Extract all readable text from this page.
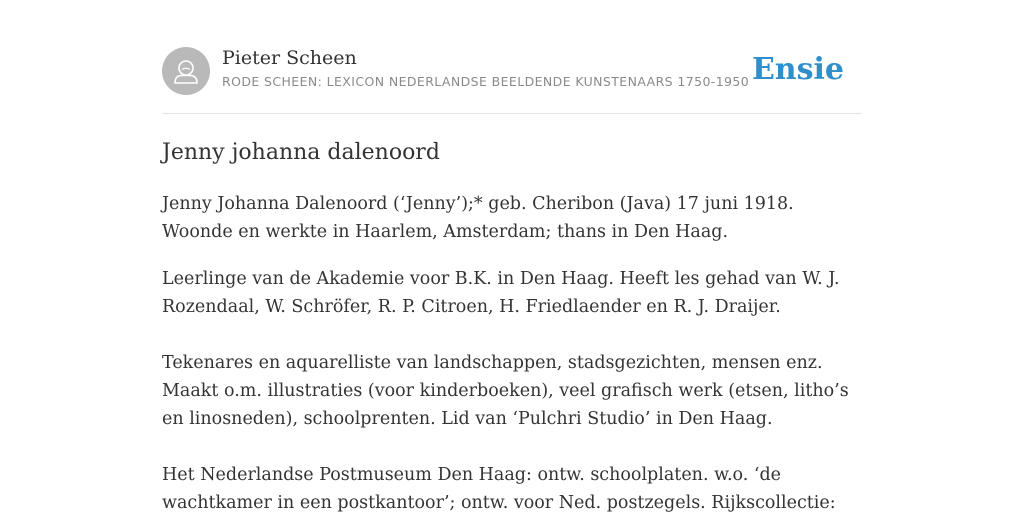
Pieter Scheen
RODE SCHEEN: LEXICON NEDERLANDSE BEELDENDE KUNSTENAARS 1750-1950 Ensie
Jenny johanna dalenoord

Jenny Johanna Dalenoord (‘Jenny’);* geb. Cheribon (Java) 17 juni 1918. Woonde en werkte in Haarlem, Amsterdam; thans in Den Haag.

Leerlinge van de Akademie voor B.K. in Den Haag. Heeft les gehad van W. J. Rozendaal, W. Schröfer, R. P. Citroen, H. Friedlaender en R. J. Draijer.

Tekenares en aquarelliste van landschappen, stadsgezichten, mensen enz. Maakt o.m. illustraties (voor kinderboeken), veel grafisch werk (etsen, litho’s en linosneden), schoolprenten. Lid van ‘Pulchri Studio’ in Den Haag.

Het Nederlandse Postmuseum Den Haag: ontw. schoolplaten. w.o. ‘de wachtkamer in een postkantoor’; ontw. voor Ned. postzegels. Rijkscollectie:
